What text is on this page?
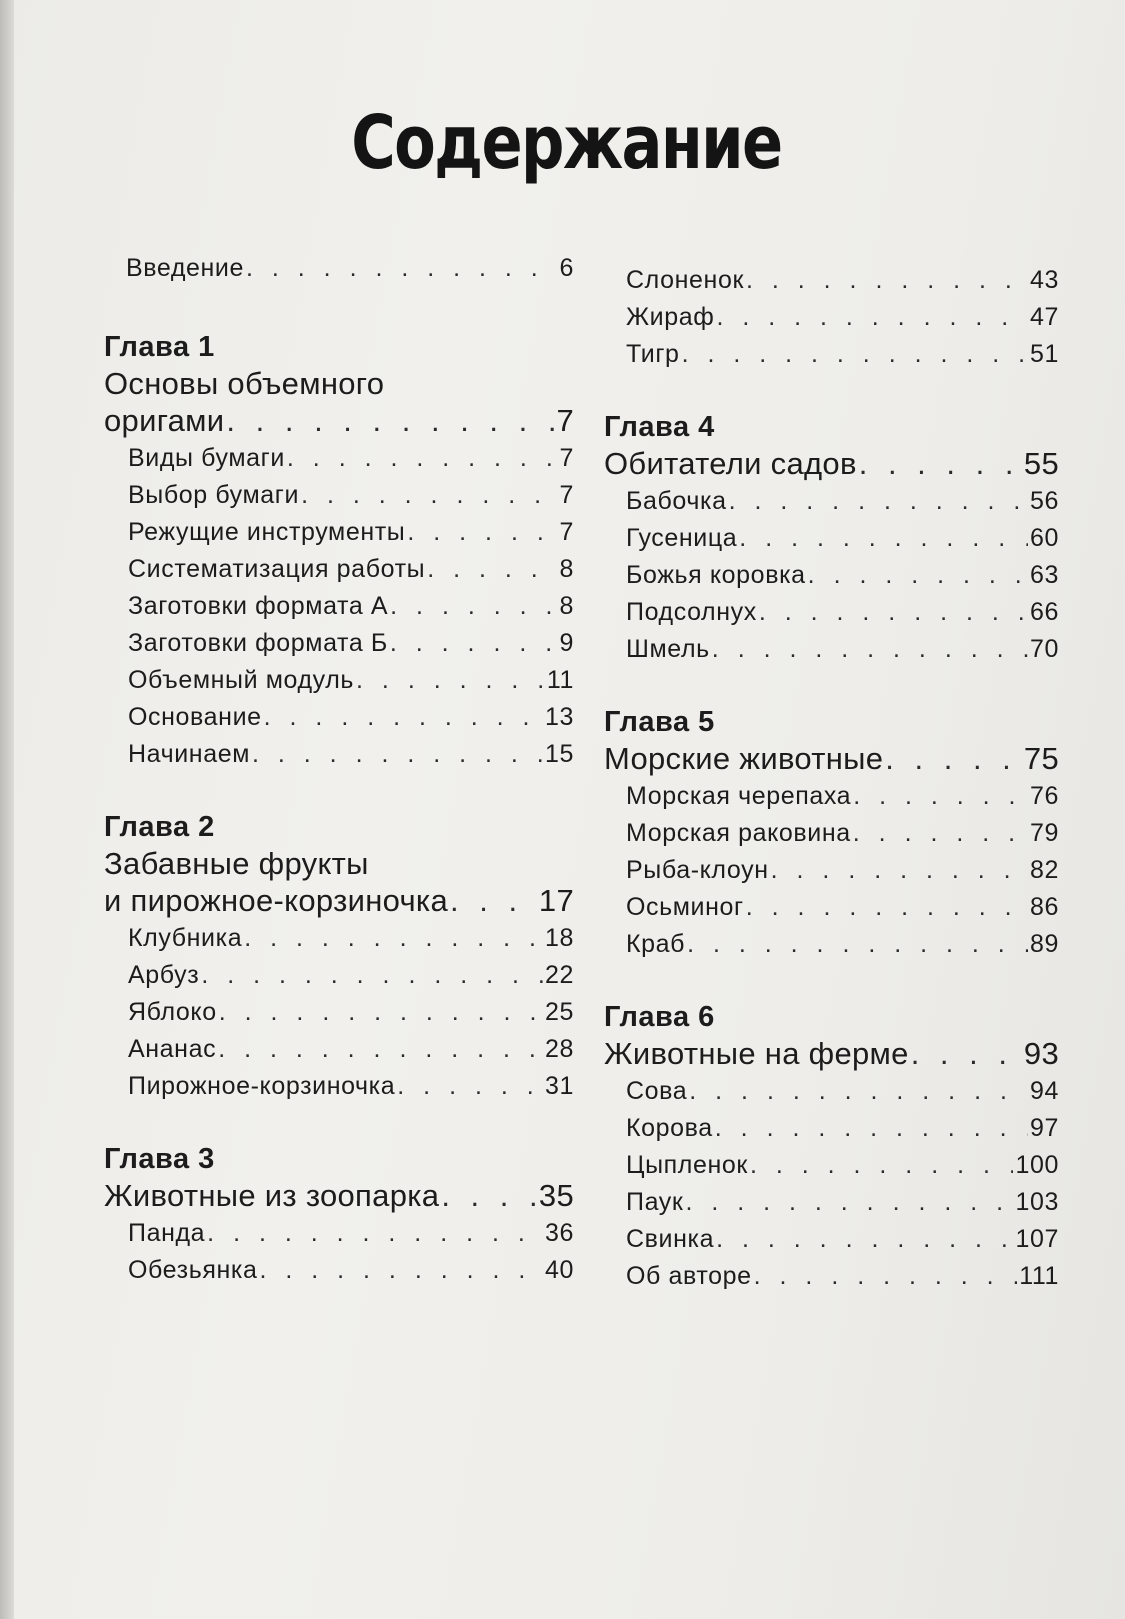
Содержание
Введение . . .	6
Глава 1
Основы объемного
оригами . . .	7
Виды бумаги . . .	7
Выбор бумаги . . .	7
Режущие инструменты . . .	7
Систематизация работы . . .	8
Заготовки формата А . . .	8
Заготовки формата Б . . .	9
Объемный модуль . . .	11
Основание . . .	13
Начинаем . . .	15
Глава 2
Забавные фрукты
и пирожное-корзиночка . . .	17
Клубника . . .	18
Арбуз . . .	22
Яблоко . . .	25
Ананас . . .	28
Пирожное-корзиночка . . .	31
Глава 3
Животные из зоопарка . . .	35
Панда . . .	36
Обезьянка . . .	40
Слоненок . . .	43
Жираф . . .	47
Тигр . . .	51
Глава 4
Обитатели садов . . .	55
Бабочка . . .	56
Гусеница . . .	60
Божья коровка . . .	63
Подсолнух . . .	66
Шмель . . .	70
Глава 5
Морские животные . . .	75
Морская черепаха . . .	76
Морская раковина . . .	79
Рыба-клоун . . .	82
Осьминог . . .	86
Краб . . .	89
Глава 6
Животные на ферме . . .	93
Сова . . .	94
Корова . . .	97
Цыпленок . . .	100
Паук . . .	103
Свинка . . .	107
Об авторе . . .	111
